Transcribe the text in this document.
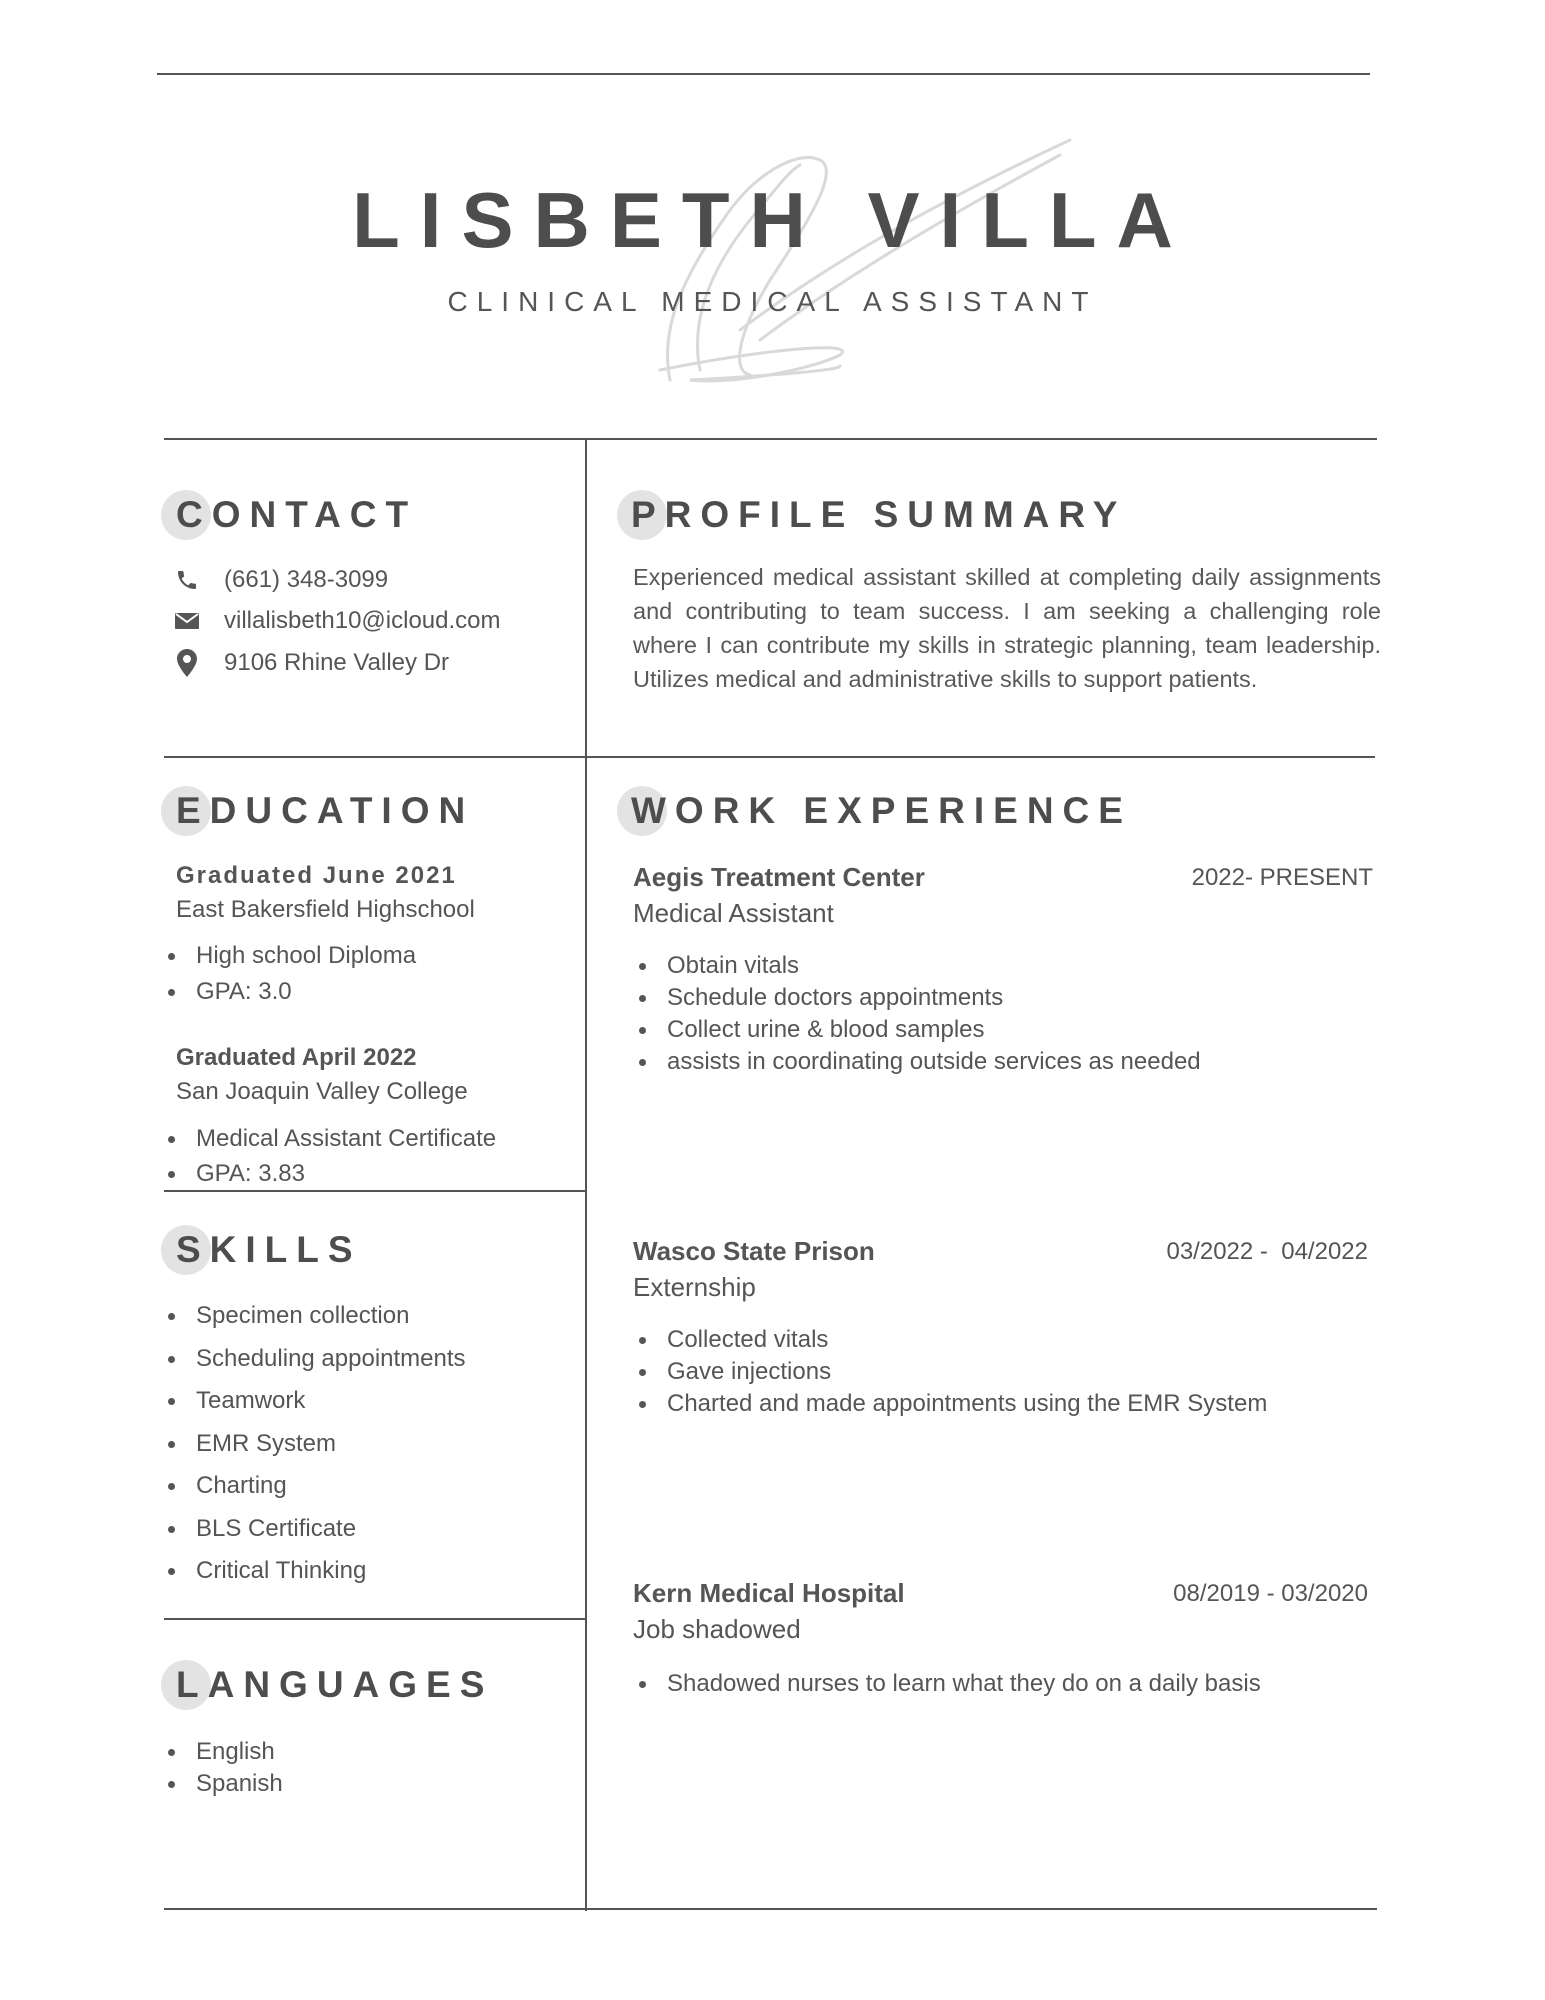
LISBETH VILLA
CLINICAL MEDICAL ASSISTANT
CONTACT
(661) 348-3099
villalisbeth10@icloud.com
9106 Rhine Valley Dr
PROFILE SUMMARY
Experienced medical assistant skilled at completing daily assignments and contributing to team success. I am seeking a challenging role where I can contribute my skills in strategic planning, team leadership. Utilizes medical and administrative skills to support patients.
EDUCATION
Graduated June 2021
East Bakersfield Highschool
High school Diploma
GPA: 3.0
Graduated April 2022
San Joaquin Valley College
Medical Assistant Certificate
GPA: 3.83
SKILLS
Specimen collection
Scheduling appointments
Teamwork
EMR System
Charting
BLS Certificate
Critical Thinking
LANGUAGES
English
Spanish
WORK EXPERIENCE
Aegis Treatment Center	2022- PRESENT
Medical Assistant
Obtain vitals
Schedule doctors appointments
Collect urine & blood samples
assists in coordinating outside services as needed
Wasco State Prison	03/2022 -  04/2022
Externship
Collected vitals
Gave injections
Charted and made appointments using the EMR System
Kern Medical Hospital	08/2019 - 03/2020
Job shadowed
Shadowed nurses to learn what they do on a daily basis
